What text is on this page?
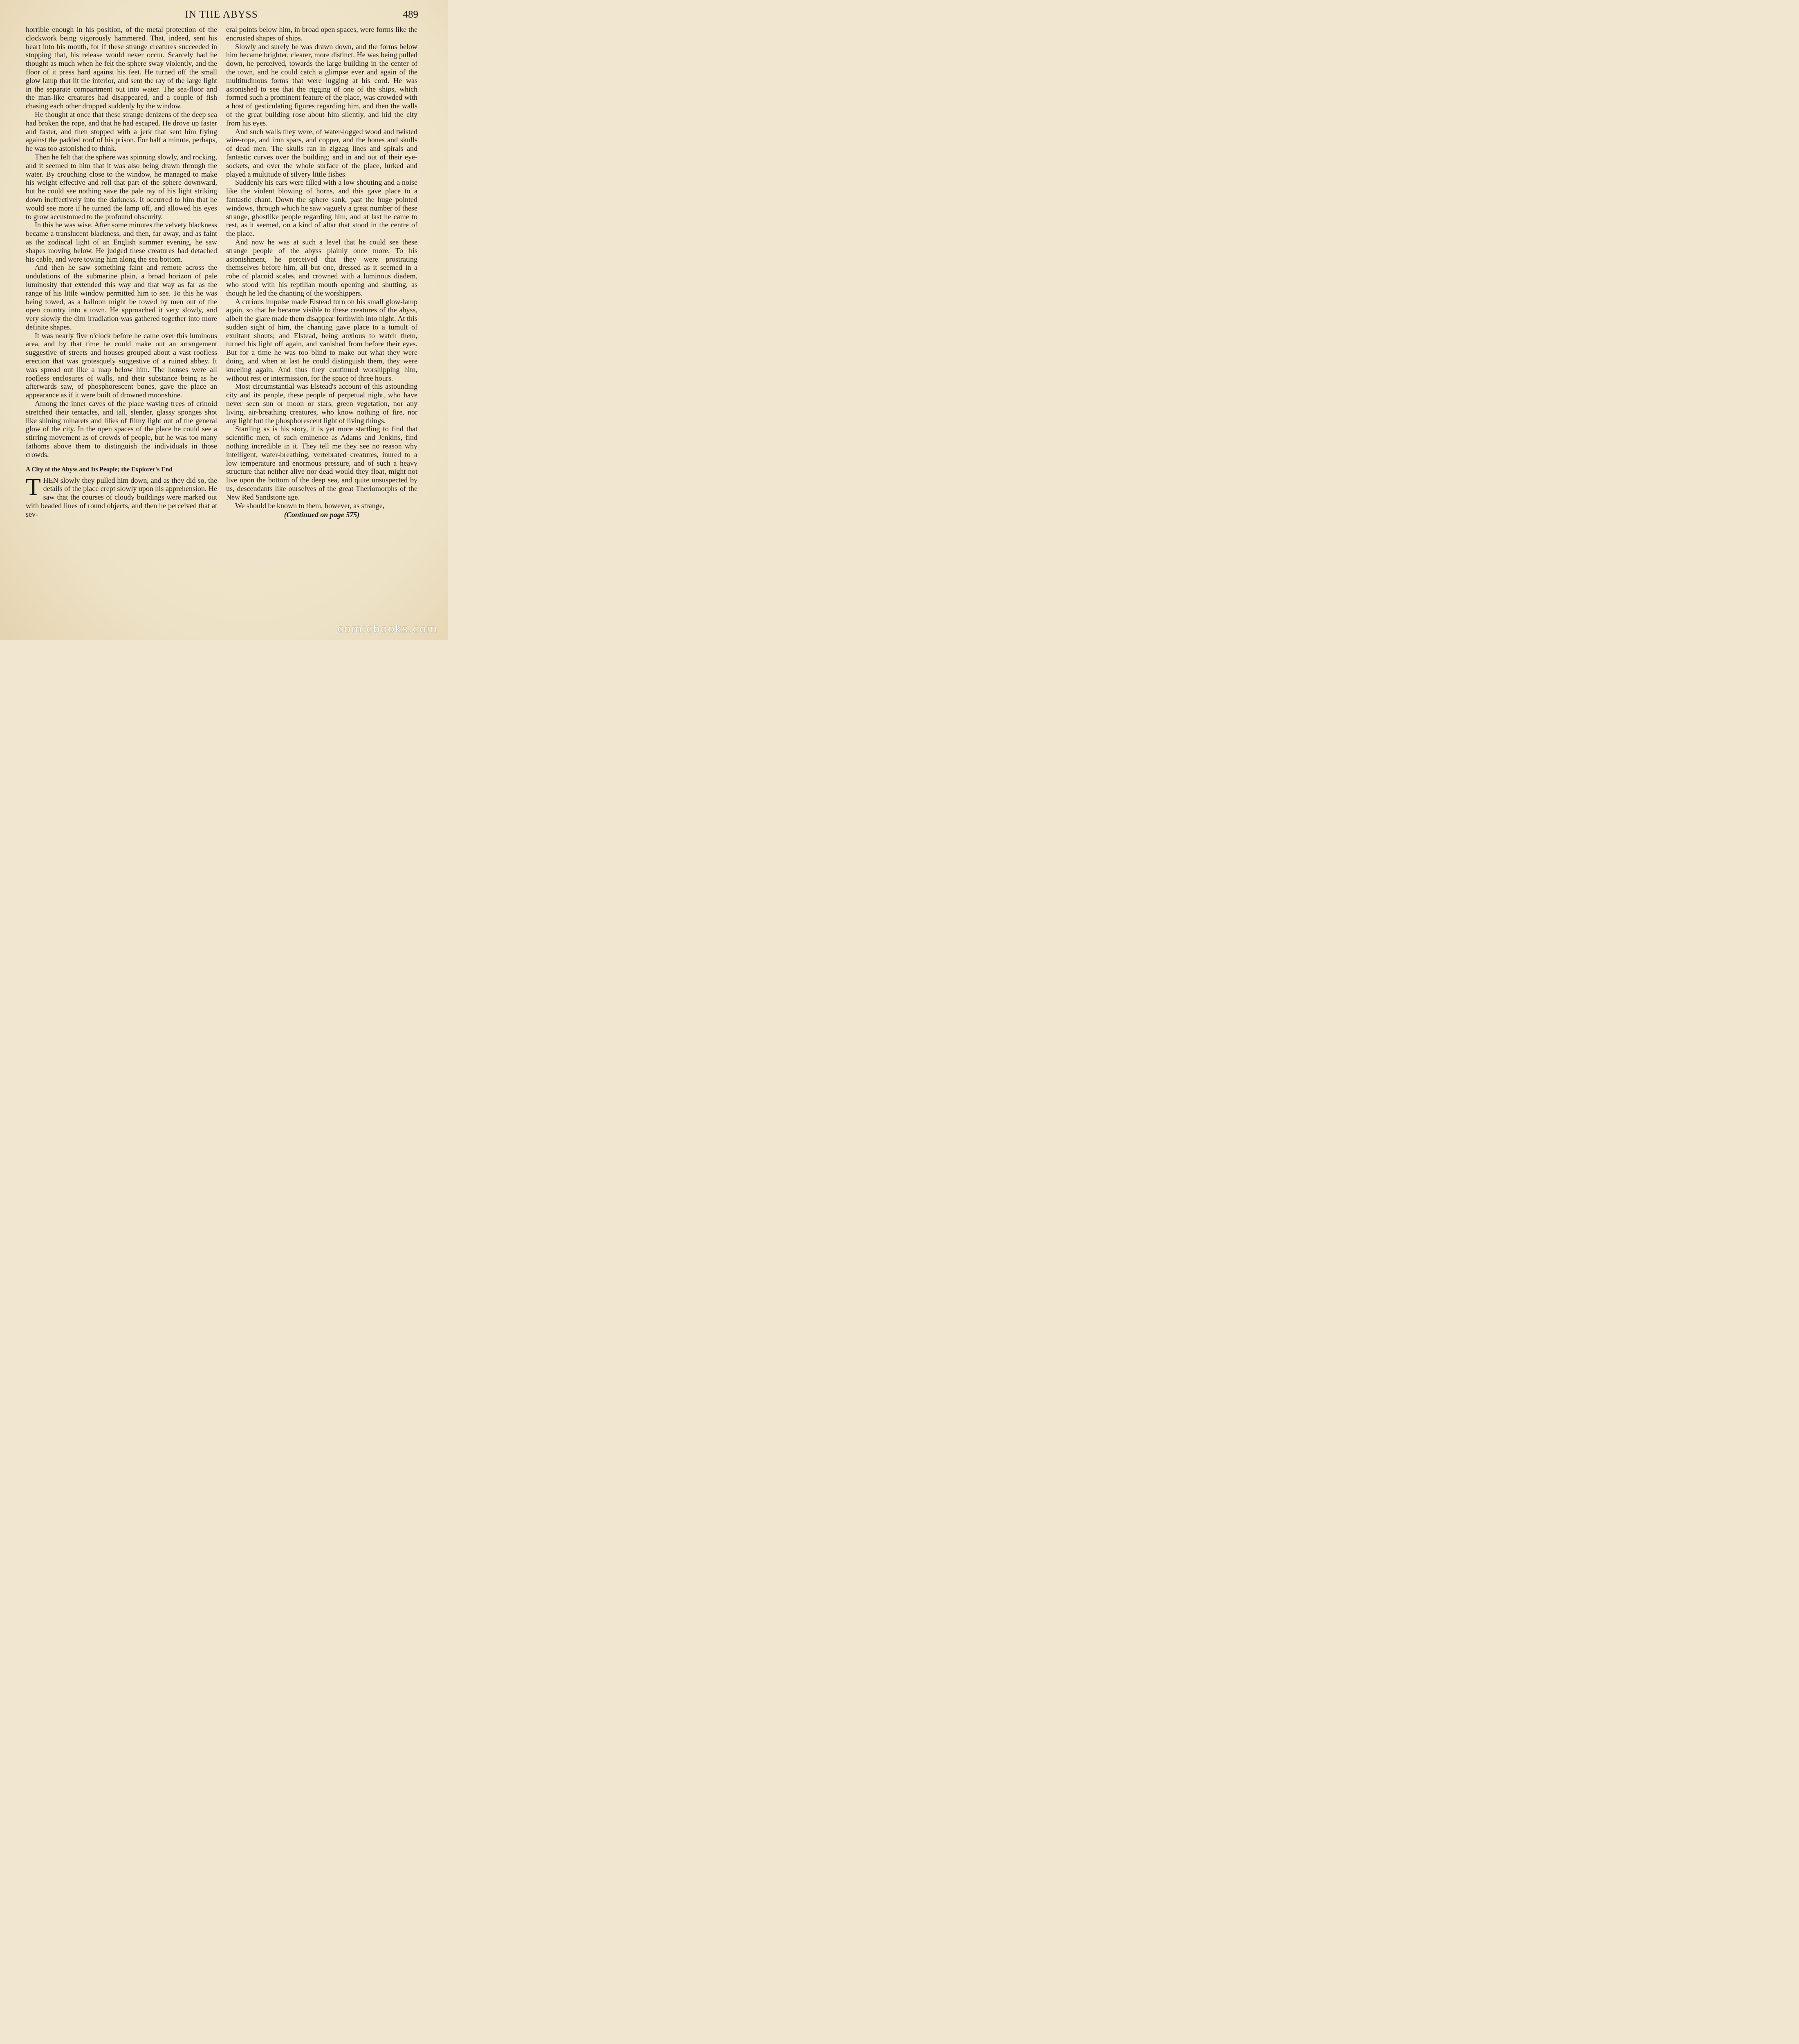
IN THE ABYSS	489

horrible enough in his position, of the metal protection of the clockwork being vigorously hammered. That, indeed, sent his heart into his mouth, for if these strange creatures succeeded in stopping that, his release would never occur. Scarcely had he thought as much when he felt the sphere sway violently, and the floor of it press hard against his feet. He turned off the small glow lamp that lit the interior, and sent the ray of the large light in the separate compartment out into water. The sea-floor and the man-like creatures had disappeared, and a couple of fish chasing each other dropped suddenly by the window.

He thought at once that these strange denizens of the deep sea had broken the rope, and that he had escaped. He drove up faster and faster, and then stopped with a jerk that sent him flying against the padded roof of his prison. For half a minute, perhaps, he was too astonished to think.

Then he felt that the sphere was spinning slowly, and rocking, and it seemed to him that it was also being drawn through the water. By crouching close to the window, he managed to make his weight effective and roll that part of the sphere downward, but he could see nothing save the pale ray of his light striking down ineffectively into the darkness. It occurred to him that he would see more if he turned the lamp off, and allowed his eyes to grow accustomed to the profound obscurity.

In this he was wise. After some minutes the velvety blackness became a translucent blackness, and then, far away, and as faint as the zodiacal light of an English summer evening, he saw shapes moving below. He judged these creatures had detached his cable, and were towing him along the sea bottom.

And then he saw something faint and remote across the undulations of the submarine plain, a broad horizon of pale luminosity that extended this way and that way as far as the range of his little window permitted him to see. To this he was being towed, as a balloon might be towed by men out of the open country into a town. He approached it very slowly, and very slowly the dim irradiation was gathered together into more definite shapes.

It was nearly five o'clock before he came over this luminous area, and by that time he could make out an arrangement suggestive of streets and houses grouped about a vast roofless erection that was grotesquely suggestive of a ruined abbey. It was spread out like a map below him. The houses were all roofless enclosures of walls, and their substance being as he afterwards saw, of phosphorescent bones, gave the place an appearance as if it were built of drowned moonshine.

Among the inner caves of the place waving trees of crinoid stretched their tentacles, and tall, slender, glassy sponges shot like shining minarets and lilies of filmy light out of the general glow of the city. In the open spaces of the place he could see a stirring movement as of crowds of people, but he was too many fathoms above them to distinguish the individuals in those crowds.

A City of the Abyss and Its People; the Explorer's End

THEN slowly they pulled him down, and as they did so, the details of the place crept slowly upon his apprehension. He saw that the courses of cloudy buildings were marked out with beaded lines of round objects, and then he perceived that at sev-

eral points below him, in broad open spaces, were forms like the encrusted shapes of ships.

Slowly and surely he was drawn down, and the forms below him became brighter, clearer, more distinct. He was being pulled down, he perceived, towards the large building in the center of the town, and he could catch a glimpse ever and again of the multitudinous forms that were lugging at his cord. He was astonished to see that the rigging of one of the ships, which formed such a prominent feature of the place, was crowded with a host of gesticulating figures regarding him, and then the walls of the great building rose about him silently, and hid the city from his eyes.

And such walls they were, of water-logged wood and twisted wire-rope, and iron spars, and copper, and the bones and skulls of dead men. The skulls ran in zigzag lines and spirals and fantastic curves over the building; and in and out of their eye-sockets, and over the whole surface of the place, lurked and played a multitude of silvery little fishes.

Suddenly his ears were filled with a low shouting and a noise like the violent blowing of horns, and this gave place to a fantastic chant. Down the sphere sank, past the huge pointed windows, through which he saw vaguely a great number of these strange, ghostlike people regarding him, and at last he came to rest, as it seemed, on a kind of altar that stood in the centre of the place.

And now he was at such a level that he could see these strange people of the abyss plainly once more. To his astonishment, he perceived that they were prostrating themselves before him, all but one, dressed as it seemed in a robe of placoid scales, and crowned with a luminous diadem, who stood with his reptilian mouth opening and shutting, as though he led the chanting of the worshippers.

A curious impulse made Elstead turn on his small glow-lamp again, so that he became visible to these creatures of the abyss, albeit the glare made them disappear forthwith into night. At this sudden sight of him, the chanting gave place to a tumult of exultant shouts; and Elstead, being anxious to watch them, turned his light off again, and vanished from before their eyes. But for a time he was too blind to make out what they were doing, and when at last he could distinguish them, they were kneeling again. And thus they continued worshipping him, without rest or intermission, for the space of three hours.

Most circumstantial was Elstead's account of this astounding city and its people, these people of perpetual night, who have never seen sun or moon or stars, green vegetation, nor any living, air-breathing creatures, who know nothing of fire, nor any light but the phosphorescent light of living things.

Startling as is his story, it is yet more startling to find that scientific men, of such eminence as Adams and Jenkins, find nothing incredible in it. They tell me they see no reason why intelligent, water-breathing, vertebrated creatures, inured to a low temperature and enormous pressure, and of such a heavy structure that neither alive nor dead would they float, might not live upon the bottom of the deep sea, and quite unsuspected by us, descendants like ourselves of the great Theriomorphs of the New Red Sandstone age.

We should be known to them, however, as strange,

(Continued on page 575)

comicbooks.com
